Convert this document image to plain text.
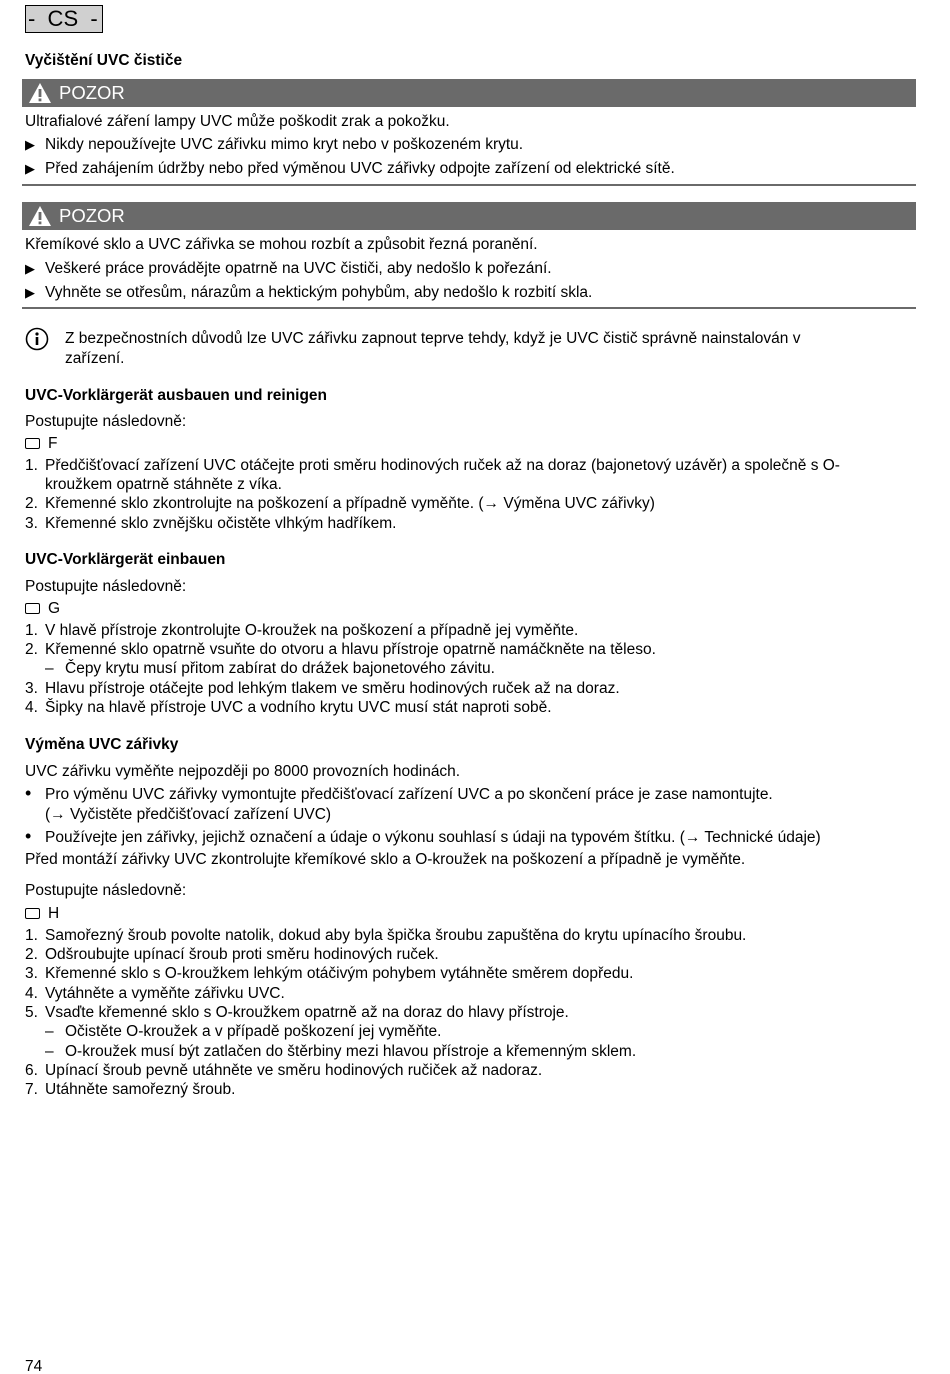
-  CS  -
Vyčištění UVC čističe
POZOR
Ultrafialové záření lampy UVC může poškodit zrak a pokožku.
▶ Nikdy nepoužívejte UVC zářivku mimo kryt nebo v poškozeném krytu.
▶ Před zahájením údržby nebo před výměnou UVC zářivky odpojte zařízení od elektrické sítě.
POZOR
Křemíkové sklo a UVC zářivka se mohou rozbít a způsobit řezná poranění.
▶ Veškeré práce provádějte opatrně na UVC čističi, aby nedošlo k pořezání.
▶ Vyhněte se otřesům, nárazům a hektickým pohybům, aby nedošlo k rozbití skla.
Z bezpečnostních důvodů lze UVC zářivku zapnout teprve tehdy, když je UVC čistič správně nainstalován v
zařízení.
UVC-Vorklärgerät ausbauen und reinigen
Postupujte následovně:
F
1. Předčišťovací zařízení UVC otáčejte proti směru hodinových ruček až na doraz (bajonetový uzávěr) a společně s O-
kroužkem opatrně stáhněte z víka.
2. Křemenné sklo zkontrolujte na poškození a případně vyměňte. (→ Výměna UVC zářivky)
3. Křemenné sklo zvnějšku očistěte vlhkým hadříkem.
UVC-Vorklärgerät einbauen
Postupujte následovně:
G
1. V hlavě přístroje zkontrolujte O-kroužek na poškození a případně jej vyměňte.
2. Křemenné sklo opatrně vsuňte do otvoru a hlavu přístroje opatrně namáčkněte na těleso.
– Čepy krytu musí přitom zabírat do drážek bajonetového závitu.
3. Hlavu přístroje otáčejte pod lehkým tlakem ve směru hodinových ruček až na doraz.
4. Šipky na hlavě přístroje UVC a vodního krytu UVC musí stát naproti sobě.
Výměna UVC zářivky
UVC zářivku vyměňte nejpozději po 8000 provozních hodinách.
• Pro výměnu UVC zářivky vymontujte předčišťovací zařízení UVC a po skončení práce je zase namontujte.
(→ Vyčistěte předčišťovací zařízení UVC)
• Používejte jen zářivky, jejichž označení a údaje o výkonu souhlasí s údaji na typovém štítku. (→ Technické údaje)
Před montáží zářivky UVC zkontrolujte křemíkové sklo a O-kroužek na poškození a případně je vyměňte.
Postupujte následovně:
H
1. Samořezný šroub povolte natolik, dokud aby byla špička šroubu zapuštěna do krytu upínacího šroubu.
2. Odšroubujte upínací šroub proti směru hodinových ruček.
3. Křemenné sklo s O-kroužkem lehkým otáčivým pohybem vytáhněte směrem dopředu.
4. Vytáhněte a vyměňte zářivku UVC.
5. Vsaďte křemenné sklo s O-kroužkem opatrně až na doraz do hlavy přístroje.
– Očistěte O-kroužek a v případě poškození jej vyměňte.
– O-kroužek musí být zatlačen do štěrbiny mezi hlavou přístroje a křemenným sklem.
6. Upínací šroub pevně utáhněte ve směru hodinových ručiček až nadoraz.
7. Utáhněte samořezný šroub.
74
